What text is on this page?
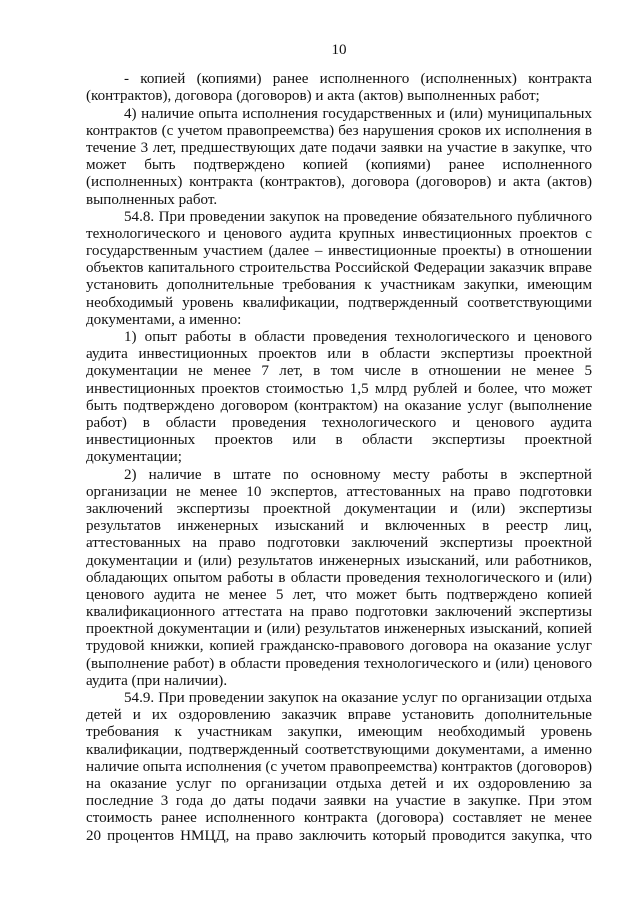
10
- копией (копиями) ранее исполненного (исполненных) контракта
(контрактов), договора (договоров) и акта (актов) выполненных работ;
4) наличие опыта исполнения государственных и (или) муниципальных
контрактов (с учетом правопреемства) без нарушения сроков их исполнения в
течение 3 лет, предшествующих дате подачи заявки на участие в закупке, что
может быть подтверждено копией (копиями) ранее исполненного
(исполненных) контракта (контрактов), договора (договоров) и акта (актов)
выполненных работ.
54.8. При проведении закупок на проведение обязательного публичного
технологического и ценового аудита крупных инвестиционных проектов с
государственным участием (далее – инвестиционные проекты) в отношении
объектов капитального строительства Российской Федерации заказчик вправе
установить дополнительные требования к участникам закупки, имеющим
необходимый уровень квалификации, подтвержденный соответствующими
документами, а именно:
1) опыт работы в области проведения технологического и ценового
аудита инвестиционных проектов или в области экспертизы проектной
документации не менее 7 лет, в том числе в отношении не менее 5
инвестиционных проектов стоимостью 1,5 млрд рублей и более, что может
быть подтверждено договором (контрактом) на оказание услуг (выполнение
работ) в области проведения технологического и ценового аудита
инвестиционных проектов или в области экспертизы проектной
документации;
2) наличие в штате по основному месту работы в экспертной
организации не менее 10 экспертов, аттестованных на право подготовки
заключений экспертизы проектной документации и (или) экспертизы
результатов инженерных изысканий и включенных в реестр лиц,
аттестованных на право подготовки заключений экспертизы проектной
документации и (или) результатов инженерных изысканий, или работников,
обладающих опытом работы в области проведения технологического и (или)
ценового аудита не менее 5 лет, что может быть подтверждено копией
квалификационного аттестата на право подготовки заключений экспертизы
проектной документации и (или) результатов инженерных изысканий, копией
трудовой книжки, копией гражданско-правового договора на оказание услуг
(выполнение работ) в области проведения технологического и (или) ценового
аудита (при наличии).
54.9. При проведении закупок на оказание услуг по организации отдыха
детей и их оздоровлению заказчик вправе установить дополнительные
требования к участникам закупки, имеющим необходимый уровень
квалификации, подтвержденный соответствующими документами, а именно
наличие опыта исполнения (с учетом правопреемства) контрактов (договоров)
на оказание услуг по организации отдыха детей и их оздоровлению за
последние 3 года до даты подачи заявки на участие в закупке. При этом
стоимость ранее исполненного контракта (договора) составляет не менее
20 процентов НМЦД, на право заключить который проводится закупка, что
